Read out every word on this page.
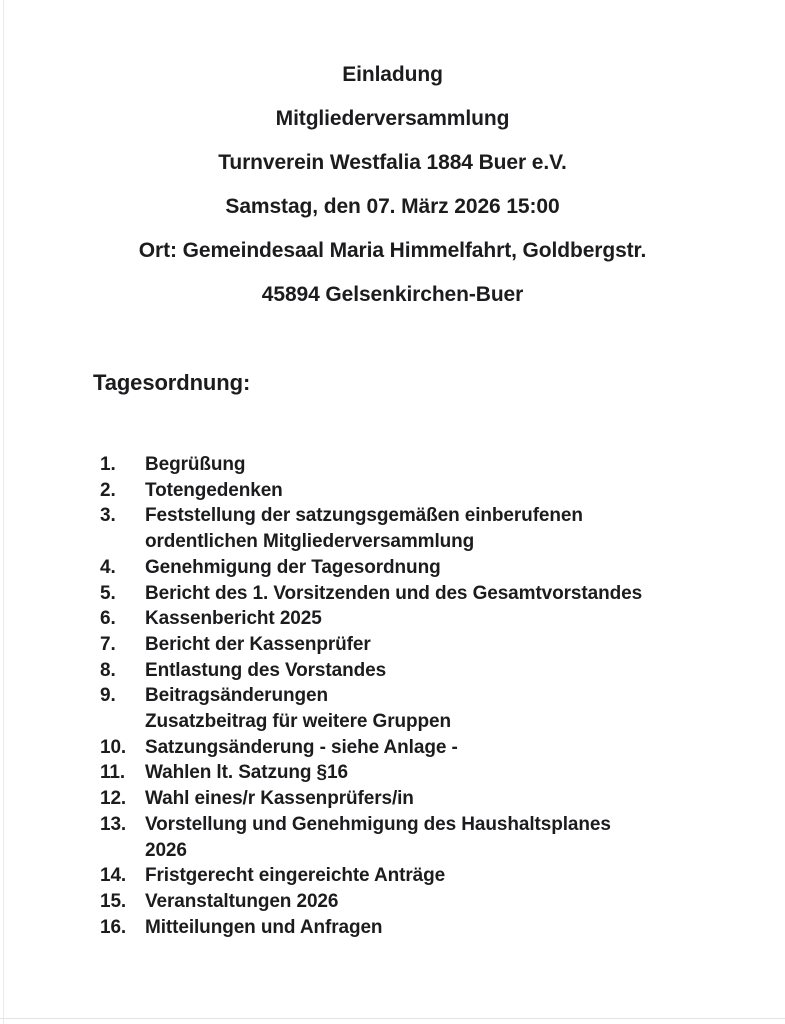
Einladung

Mitgliederversammlung

Turnverein Westfalia 1884 Buer e.V.

Samstag, den 07. März 2026 15:00

Ort: Gemeindesaal Maria Himmelfahrt, Goldbergstr.

45894 Gelsenkirchen-Buer

Tagesordnung:
1.	Begrüßung

2.	Totengedenken

3.	Feststellung der satzungsgemäßen einberufenen

ordentlichen Mitgliederversammlung

4.	Genehmigung der Tagesordnung

5.	Bericht des 1. Vorsitzenden und des Gesamtvorstandes

6.	Kassenbericht 2025

7.	Bericht der Kassenprüfer

8.	Entlastung des Vorstandes

9.	Beitragsänderungen

Zusatzbeitrag für weitere Gruppen

10. Satzungsänderung - siehe Anlage -

11.	Wahlen lt. Satzung §16

12. Wahl eines/r Kassenprüfers/in

13. Vorstellung und Genehmigung des Haushaltsplanes

2026

14. Fristgerecht eingereichte Anträge

15. Veranstaltungen 2026

16. Mitteilungen und Anfragen
